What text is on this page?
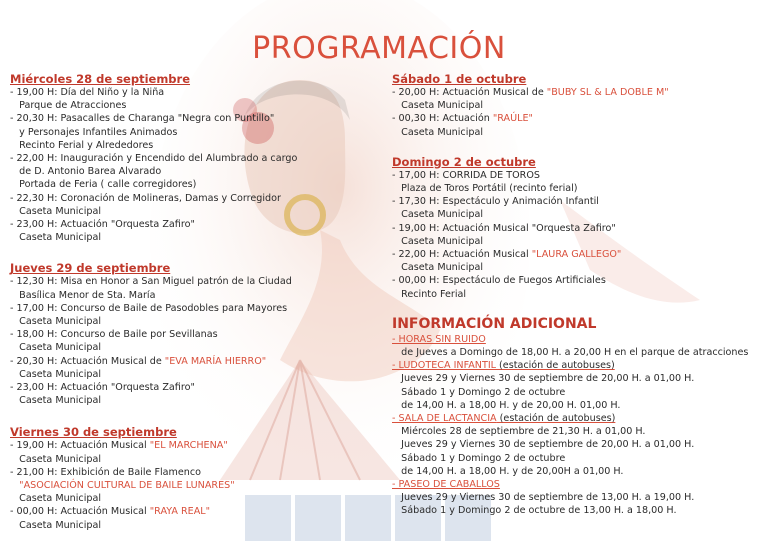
PROGRAMACIÓN
Miércoles 28 de septiembre
- 19,00 H: Día del Niño y la Niña
Parque de Atracciones
- 20,30 H: Pasacalles de Charanga "Negra con Puntillo"
y Personajes Infantiles Animados
Recinto Ferial y Alrededores
- 22,00 H: Inauguración y Encendido del Alumbrado a cargo
de D. Antonio Barea Alvarado
Portada de Feria ( calle corregidores)
- 22,30 H: Coronación de Molineras, Damas y Corregidor
Caseta Municipal
- 23,00 H: Actuación "Orquesta Zafiro"
Caseta Municipal
Jueves 29 de septiembre
- 12,30 H: Misa en Honor a San Miguel patrón de la Ciudad
Basílica Menor de Sta. María
- 17,00 H: Concurso de Baile de Pasodobles para Mayores
Caseta Municipal
- 18,00 H: Concurso de Baile por Sevillanas
Caseta Municipal
- 20,30 H: Actuación Musical de "EVA MARÍA HIERRO"
Caseta Municipal
- 23,00 H: Actuación "Orquesta Zafiro"
Caseta Municipal
Viernes 30 de septiembre
- 19,00 H: Actuación Musical "EL MARCHENA"
Caseta Municipal
- 21,00 H: Exhibición de Baile Flamenco
"ASOCIACIÓN CULTURAL DE BAILE LUNARES"
Caseta Municipal
- 00,00 H: Actuación Musical "RAYA REAL"
Caseta Municipal
Sábado 1 de octubre
- 20,00 H: Actuación Musical de "BUBY SL & LA DOBLE M"
Caseta Municipal
- 00,30 H: Actuación "RAÚLE"
Caseta Municipal
Domingo 2 de octubre
- 17,00 H: CORRIDA DE TOROS
Plaza de Toros Portátil (recinto ferial)
- 17,30 H: Espectáculo y Animación Infantil
Caseta Municipal
- 19,00 H: Actuación Musical "Orquesta Zafiro"
Caseta Municipal
- 22,00 H: Actuación Musical "LAURA GALLEGO"
Caseta Municipal
- 00,00 H: Espectáculo de Fuegos Artificiales
Recinto Ferial
INFORMACIÓN ADICIONAL
- HORAS SIN RUIDO
de Jueves a Domingo de 18,00 H. a 20,00 H en el parque de atracciones
- LUDOTECA INFANTIL (estación de autobuses)
Jueves 29 y Viernes 30 de septiembre de 20,00 H. a 01,00 H.
Sábado 1 y Domingo 2 de octubre
de 14,00 H. a 18,00 H. y de 20,00 H. 01,00 H.
- SALA DE LACTANCIA (estación de autobuses)
Miércoles 28 de septiembre de 21,30 H. a 01,00 H.
Jueves 29 y Viernes 30 de septiembre de 20,00 H. a 01,00 H.
Sábado 1 y Domingo 2 de octubre
de 14,00 H. a 18,00 H. y de 20,00H a 01,00 H.
- PASEO DE CABALLOS
Jueves 29 y Viernes 30 de septiembre de 13,00 H. a 19,00 H.
Sábado 1 y Domingo 2 de octubre de 13,00 H. a 18,00 H.
